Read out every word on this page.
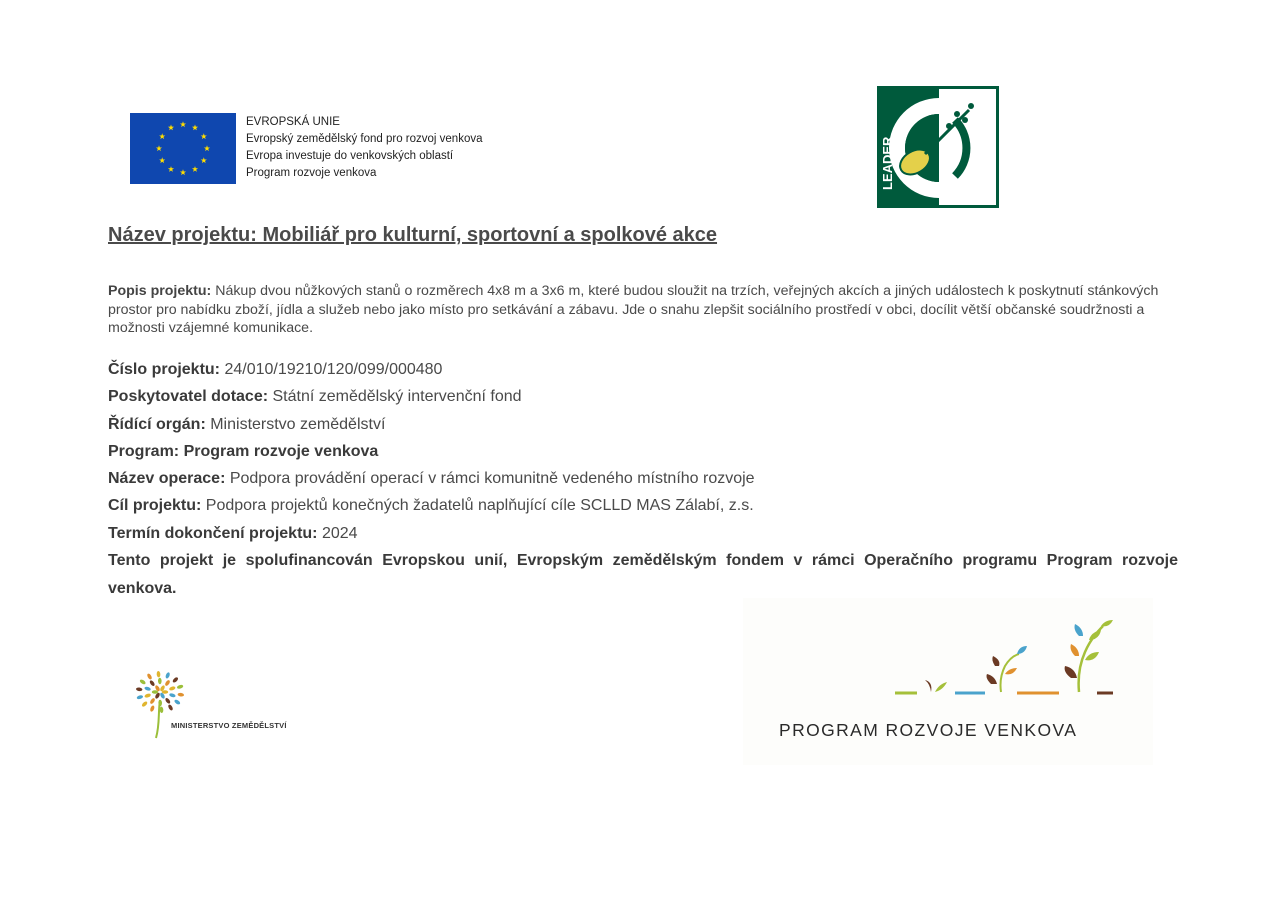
EVROPSKÁ UNIE
Evropský zemědělský fond pro rozvoj venkova
Evropa investuje do venkovských oblastí
Program rozvoje venkova	LEADER
Název projektu: Mobiliář pro kulturní, sportovní a spolkové akce
Popis projektu: Nákup dvou nůžkových stanů o rozměrech 4x8 m a 3x6 m, které budou sloužit na trzích, veřejných akcích a jiných událostech k poskytnutí stánkových prostor pro nabídku zboží, jídla a služeb nebo jako místo pro setkávání a zábavu. Jde o snahu zlepšit sociálního prostředí v obci, docílit větší občanské soudržnosti a možnosti vzájemné komunikace.
Číslo projektu: 24/010/19210/120/099/000480
Poskytovatel dotace: Státní zemědělský intervenční fond
Řídící orgán: Ministerstvo zemědělství
Program: Program rozvoje venkova
Název operace: Podpora provádění operací v rámci komunitně vedeného místního rozvoje
Cíl projektu: Podpora projektů konečných žadatelů naplňující cíle SCLLD MAS Zálabí, z.s.
Termín dokončení projektu: 2024
Tento projekt je spolufinancován Evropskou unií, Evropským zemědělským fondem v rámci Operačního programu Program rozvoje venkova.
MINISTERSTVO ZEMĚDĚLSTVÍ	PROGRAM ROZVOJE VENKOVA
